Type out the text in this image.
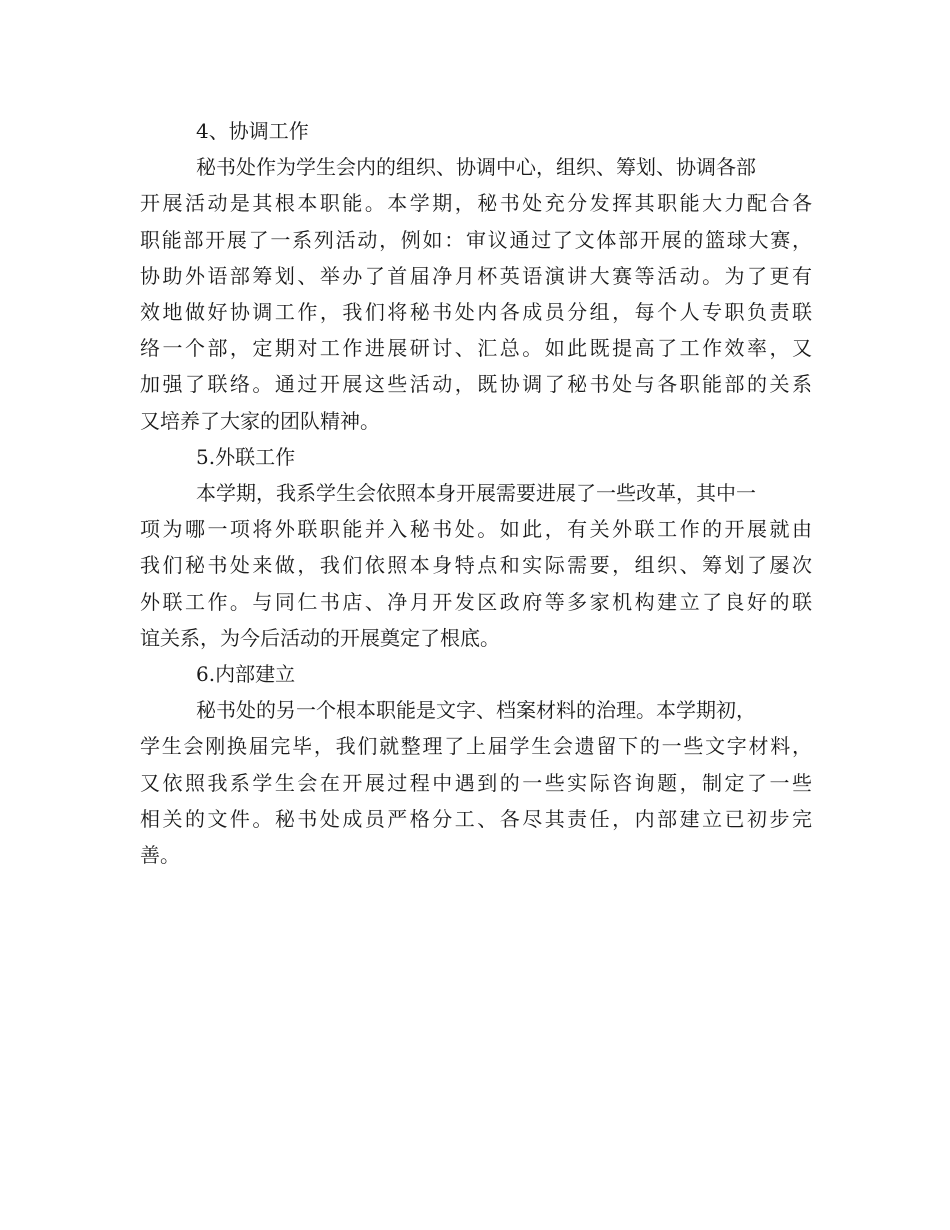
4、协调工作

秘书处作为学生会内的组织、协调中心，组织、筹划、协调各部
开展活动是其根本职能。本学期，秘书处充分发挥其职能大力配合各
职能部开展了一系列活动，例如：审议通过了文体部开展的篮球大赛，
协助外语部筹划、举办了首届净月杯英语演讲大赛等活动。为了更有
效地做好协调工作，我们将秘书处内各成员分组，每个人专职负责联
络一个部，定期对工作进展研讨、汇总。如此既提高了工作效率，又
加强了联络。通过开展这些活动，既协调了秘书处与各职能部的关系
又培养了大家的团队精神。

5.外联工作

本学期，我系学生会依照本身开展需要进展了一些改革，其中一
项为哪一项将外联职能并入秘书处。如此，有关外联工作的开展就由
我们秘书处来做，我们依照本身特点和实际需要，组织、筹划了屡次
外联工作。与同仁书店、净月开发区政府等多家机构建立了良好的联
谊关系，为今后活动的开展奠定了根底。

6.内部建立

秘书处的另一个根本职能是文字、档案材料的治理。本学期初，
学生会刚换届完毕，我们就整理了上届学生会遗留下的一些文字材料，
又依照我系学生会在开展过程中遇到的一些实际咨询题，制定了一些
相关的文件。秘书处成员严格分工、各尽其责任，内部建立已初步完
善。
